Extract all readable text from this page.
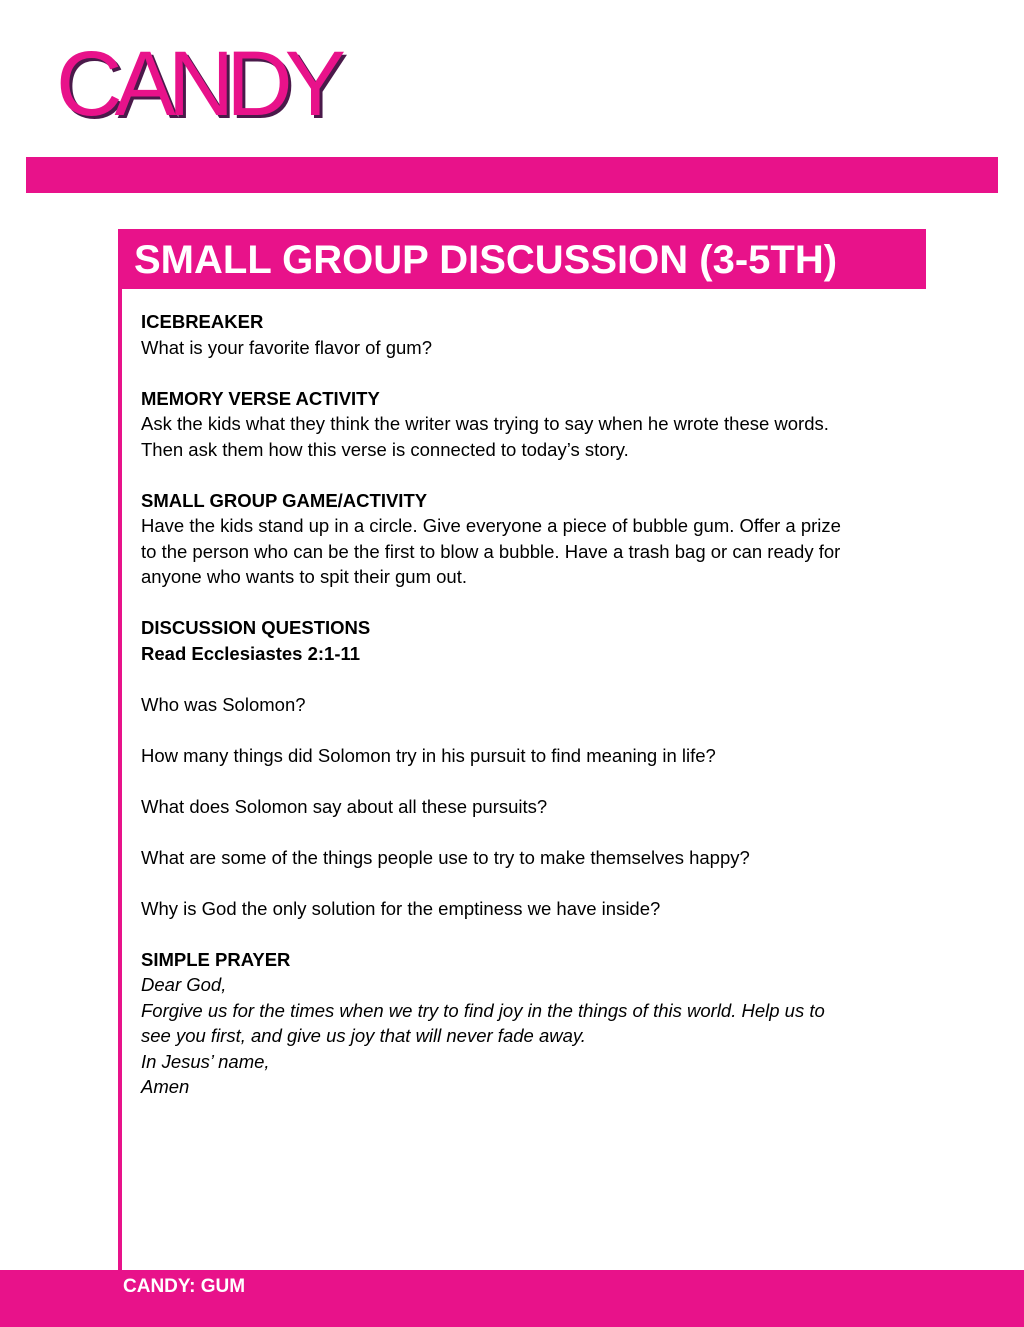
CANDY
SMALL GROUP DISCUSSION (3-5TH)

ICEBREAKER

What is your favorite flavor of gum?

MEMORY VERSE ACTIVITY

Ask the kids what they think the writer was trying to say when he wrote these words.

Then ask them how this verse is connected to today’s story.

SMALL GROUP GAME/ACTIVITY

Have the kids stand up in a circle. Give everyone a piece of bubble gum. Offer a prize

to the person who can be the first to blow a bubble. Have a trash bag or can ready for

anyone who wants to spit their gum out.

DISCUSSION QUESTIONS

Read Ecclesiastes 2:1-11

Who was Solomon?

How many things did Solomon try in his pursuit to find meaning in life?

What does Solomon say about all these pursuits?

What are some of the things people use to try to make themselves happy?

Why is God the only solution for the emptiness we have inside?

SIMPLE PRAYER

Dear God,

Forgive us for the times when we try to find joy in the things of this world. Help us to

see you first, and give us joy that will never fade away.

In Jesus’ name,

Amen

CANDY: GUM
